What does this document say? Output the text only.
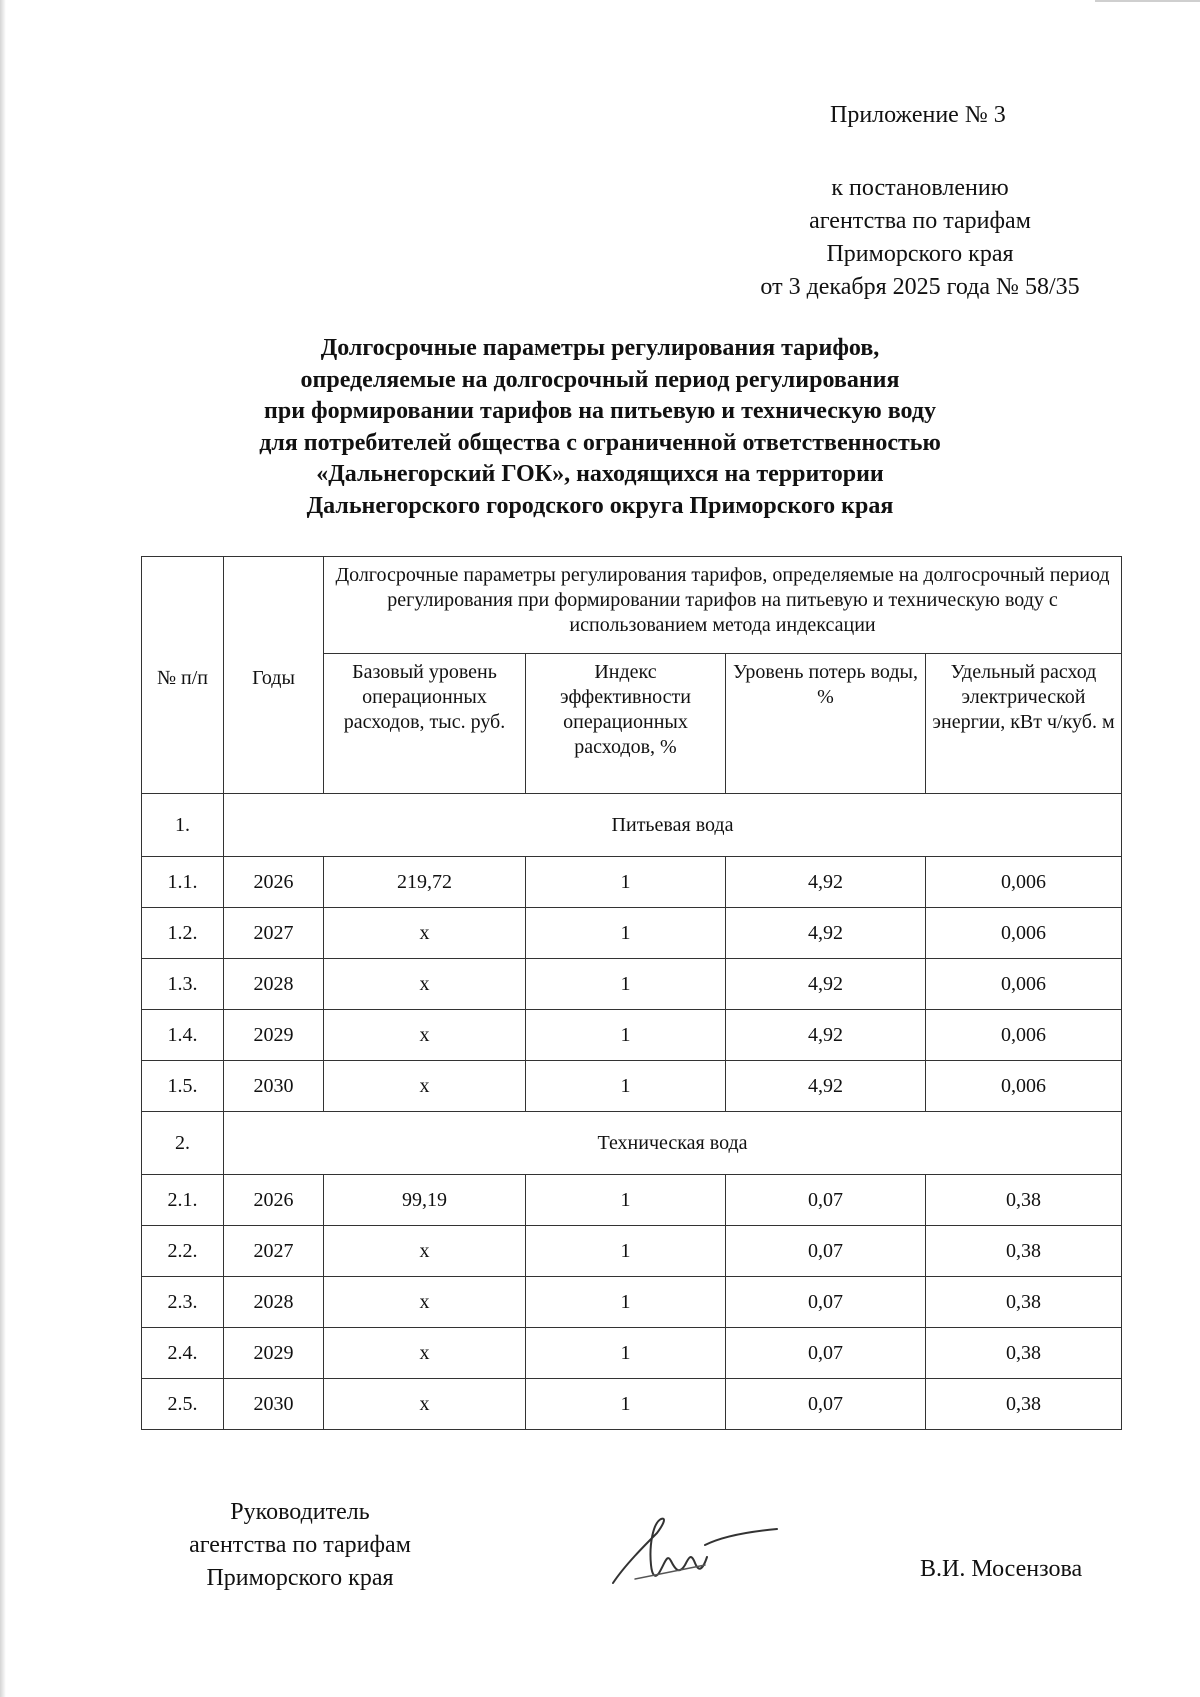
Приложение № 3
к постановлению
агентства по тарифам
Приморского края
от 3 декабря 2025 года № 58/35
Долгосрочные параметры регулирования тарифов,
определяемые на долгосрочный период регулирования
при формировании тарифов на питьевую и техническую воду
для потребителей общества с ограниченной ответственностью
«Дальнегорский ГОК», находящихся на территории
Дальнегорского городского округа Приморского края
№ п/п	Годы	Долгосрочные параметры регулирования тарифов, определяемые на долгосрочный период регулирования при формировании тарифов на питьевую и техническую воду с использованием метода индексации			
		Базовый уровень операционных расходов, тыс. руб.	Индекс эффективности операционных расходов, %	Уровень потерь воды, %	Удельный расход электрической энергии, кВт ч/куб. м
1.	Питьевая вода				
1.1.	2026	219,72	1	4,92	0,006
1.2.	2027	х	1	4,92	0,006
1.3.	2028	х	1	4,92	0,006
1.4.	2029	х	1	4,92	0,006
1.5.	2030	х	1	4,92	0,006
2.	Техническая вода				
2.1.	2026	99,19	1	0,07	0,38
2.2.	2027	х	1	0,07	0,38
2.3.	2028	х	1	0,07	0,38
2.4.	2029	х	1	0,07	0,38
2.5.	2030	х	1	0,07	0,38
Руководитель
агентства по тарифам
Приморского края	В.И. Мосензова
